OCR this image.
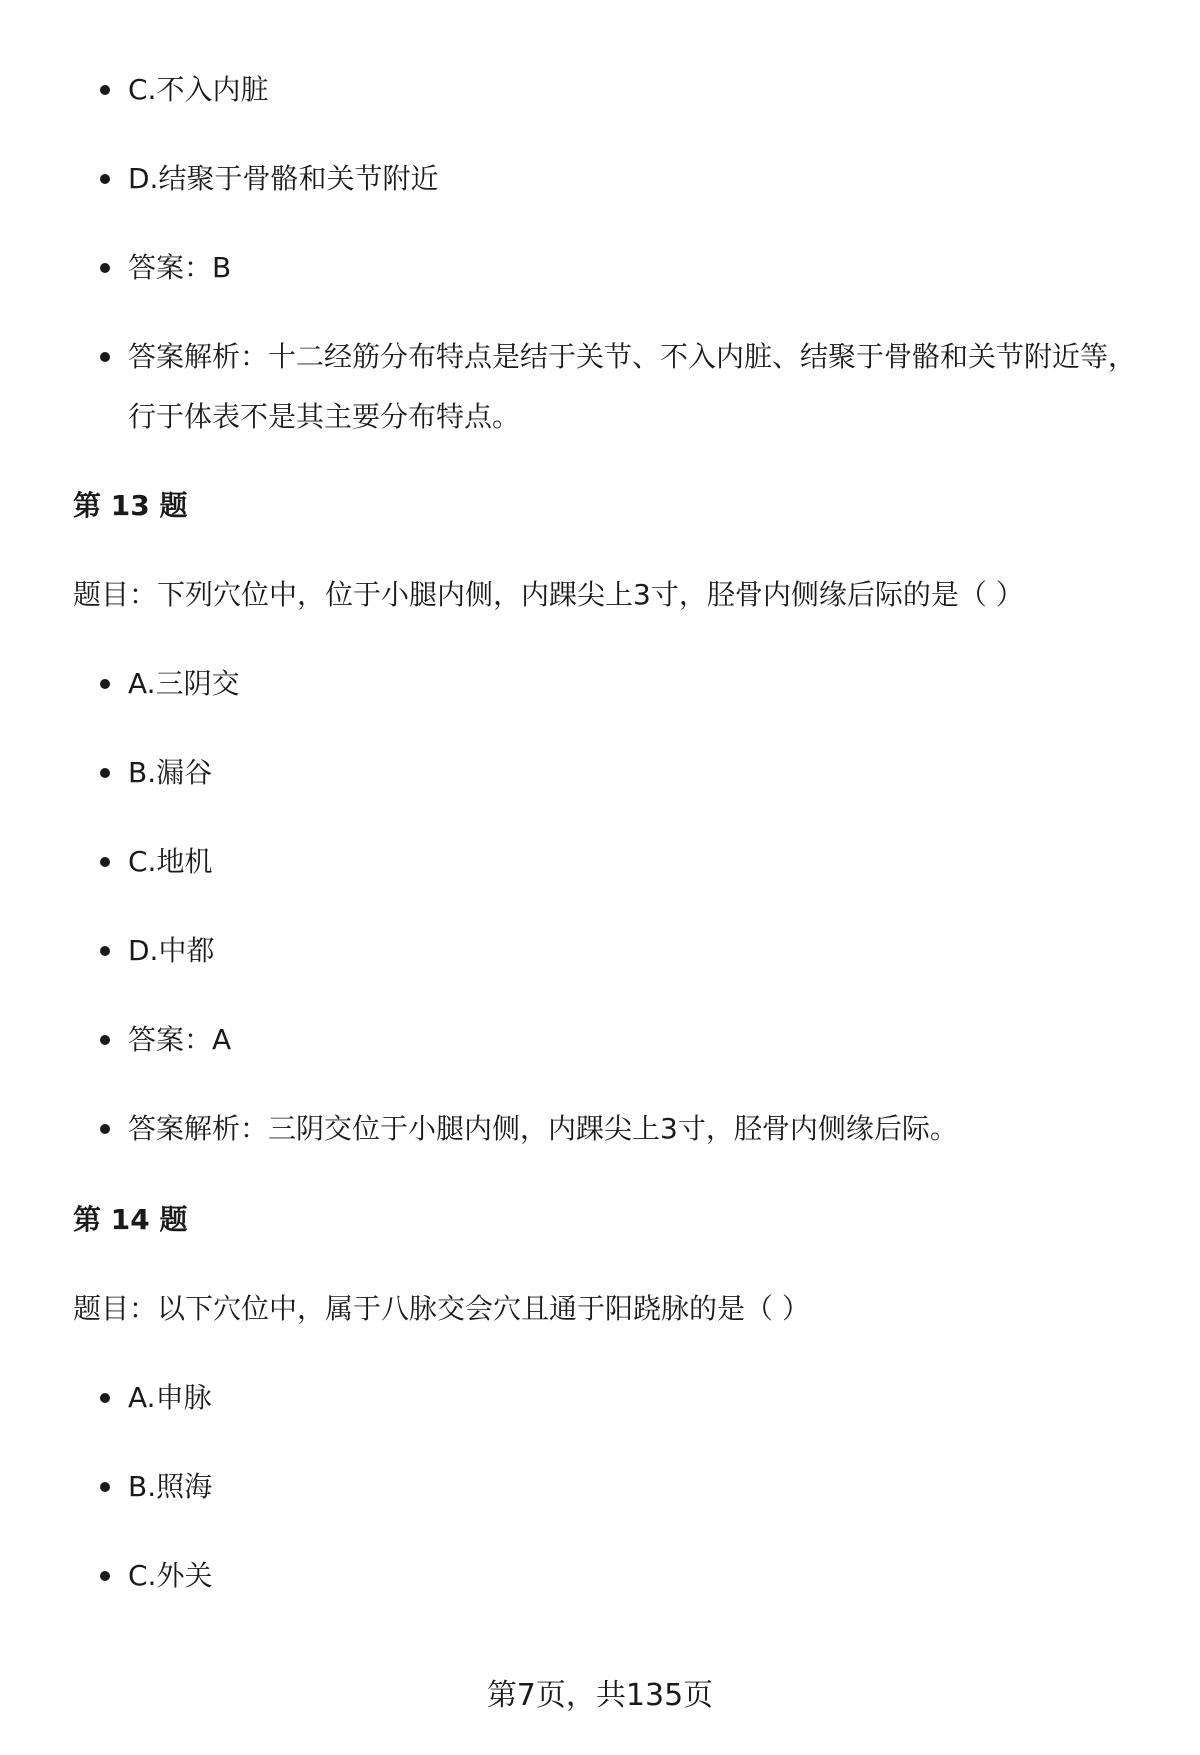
C.不入内脏
D.结聚于骨骼和关节附近
答案：B
答案解析：十二经筋分布特点是结于关节、不入内脏、结聚于骨骼和关节附近等，行于体表不是其主要分布特点。
第 13 题
题目：下列穴位中，位于小腿内侧，内踝尖上3寸，胫骨内侧缘后际的是（ ）
A.三阴交
B.漏谷
C.地机
D.中都
答案：A
答案解析：三阴交位于小腿内侧，内踝尖上3寸，胫骨内侧缘后际。
第 14 题
题目：以下穴位中，属于八脉交会穴且通于阳跷脉的是（ ）
A.申脉
B.照海
C.外关
第7页，共135页
